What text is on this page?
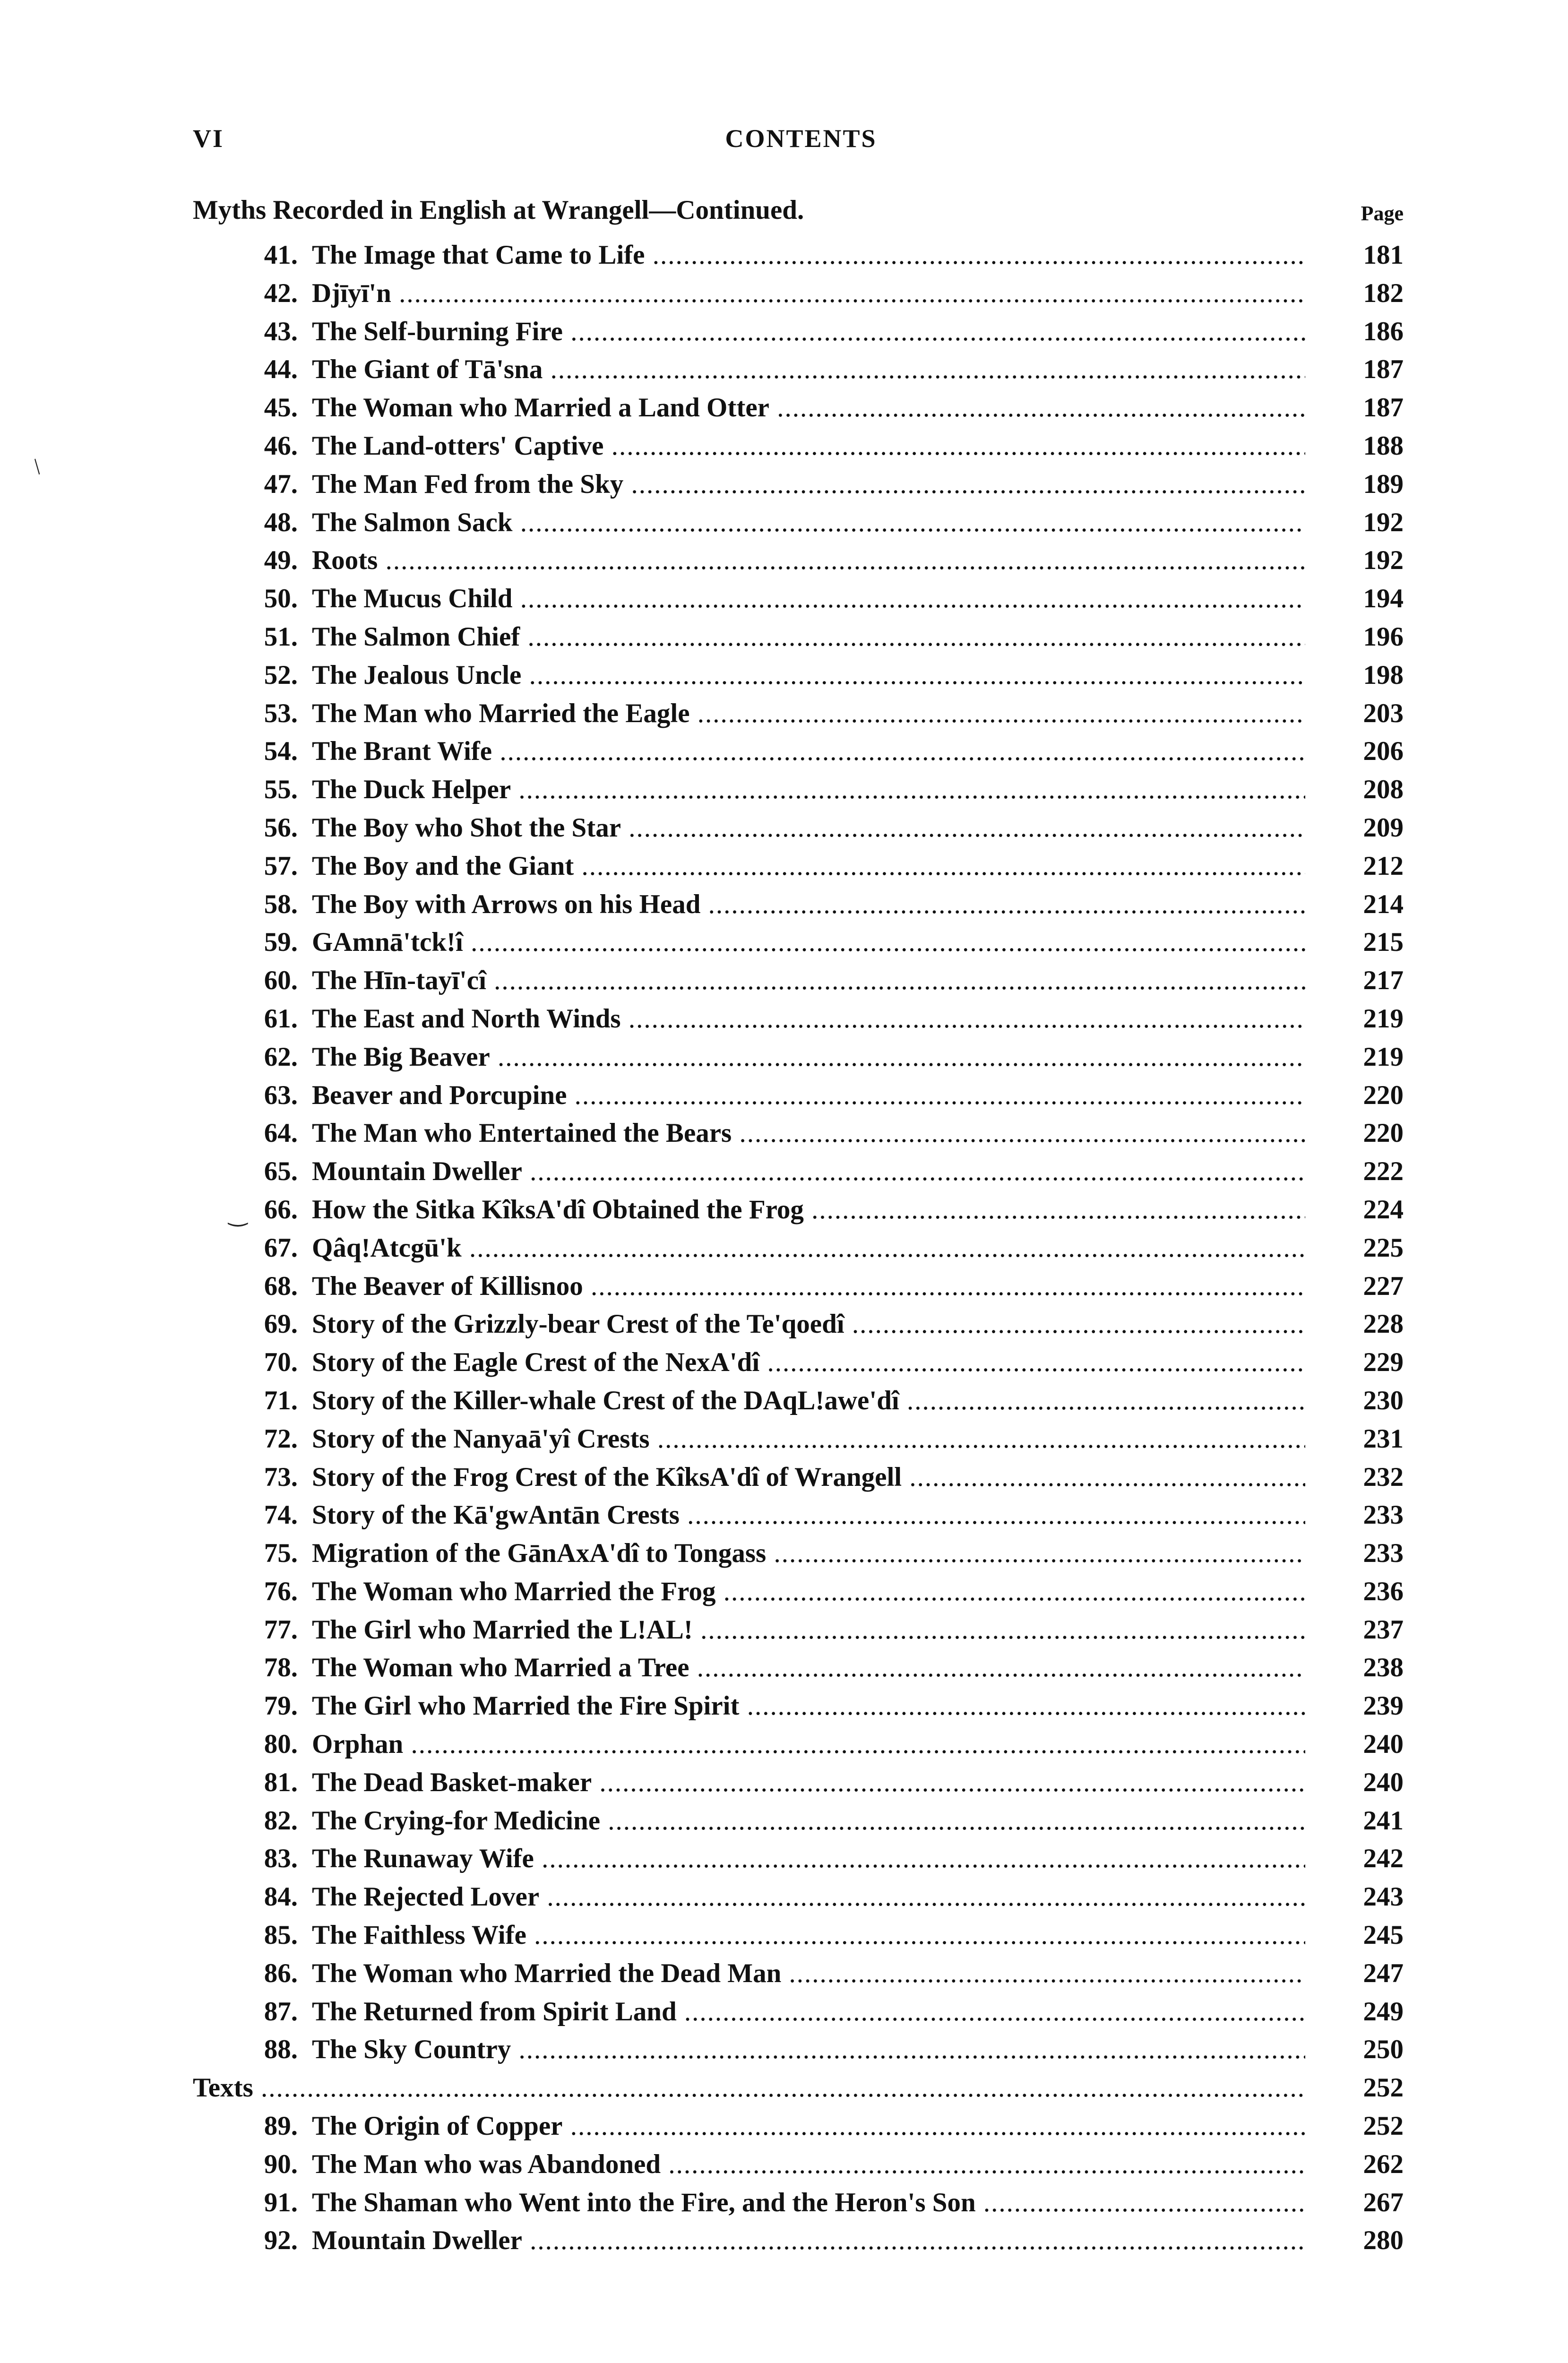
VI	CONTENTS
Myths Recorded in English at Wrangell—Continued.	Page
41. The Image that Came to Life .....	181
42. Djīyī'n .....	182
43. The Self-burning Fire .....	186
44. The Giant of Tā'sna .....	187
45. The Woman who Married a Land Otter .....	187
46. The Land-otters' Captive .....	188
47. The Man Fed from the Sky .....	189
48. The Salmon Sack .....	192
49. Roots .....	192
50. The Mucus Child .....	194
51. The Salmon Chief .....	196
52. The Jealous Uncle .....	198
53. The Man who Married the Eagle .....	203
54. The Brant Wife .....	206
55. The Duck Helper .....	208
56. The Boy who Shot the Star .....	209
57. The Boy and the Giant .....	212
58. The Boy with Arrows on his Head .....	214
59. GAmnā'tck!î .....	215
60. The Hīn-tayī'cî .....	217
61. The East and North Winds .....	219
62. The Big Beaver .....	219
63. Beaver and Porcupine .....	220
64. The Man who Entertained the Bears .....	220
65. Mountain Dweller .....	222
66. How the Sitka KîksA'dî Obtained the Frog .....	224
67. Qâq!Atcgū'k .....	225
68. The Beaver of Killisnoo .....	227
69. Story of the Grizzly-bear Crest of the Te'qoedî .....	228
70. Story of the Eagle Crest of the NexA'dî .....	229
71. Story of the Killer-whale Crest of the DAqL!awe'dî .....	230
72. Story of the Nanyaā'yî Crests .....	231
73. Story of the Frog Crest of the KîksA'dî of Wrangell .....	232
74. Story of the Kā'gwAntān Crests .....	233
75. Migration of the GānAxA'dî to Tongass .....	233
76. The Woman who Married the Frog .....	236
77. The Girl who Married the L!AL! .....	237
78. The Woman who Married a Tree .....	238
79. The Girl who Married the Fire Spirit .....	239
80. Orphan .....	240
81. The Dead Basket-maker .....	240
82. The Crying-for Medicine .....	241
83. The Runaway Wife .....	242
84. The Rejected Lover .....	243
85. The Faithless Wife .....	245
86. The Woman who Married the Dead Man .....	247
87. The Returned from Spirit Land .....	249
88. The Sky Country .....	250
Texts .....	252
89. The Origin of Copper .....	252
90. The Man who was Abandoned .....	262
91. The Shaman who Went into the Fire, and the Heron's Son .....	267
92. Mountain Dweller .....	280
/
‿
